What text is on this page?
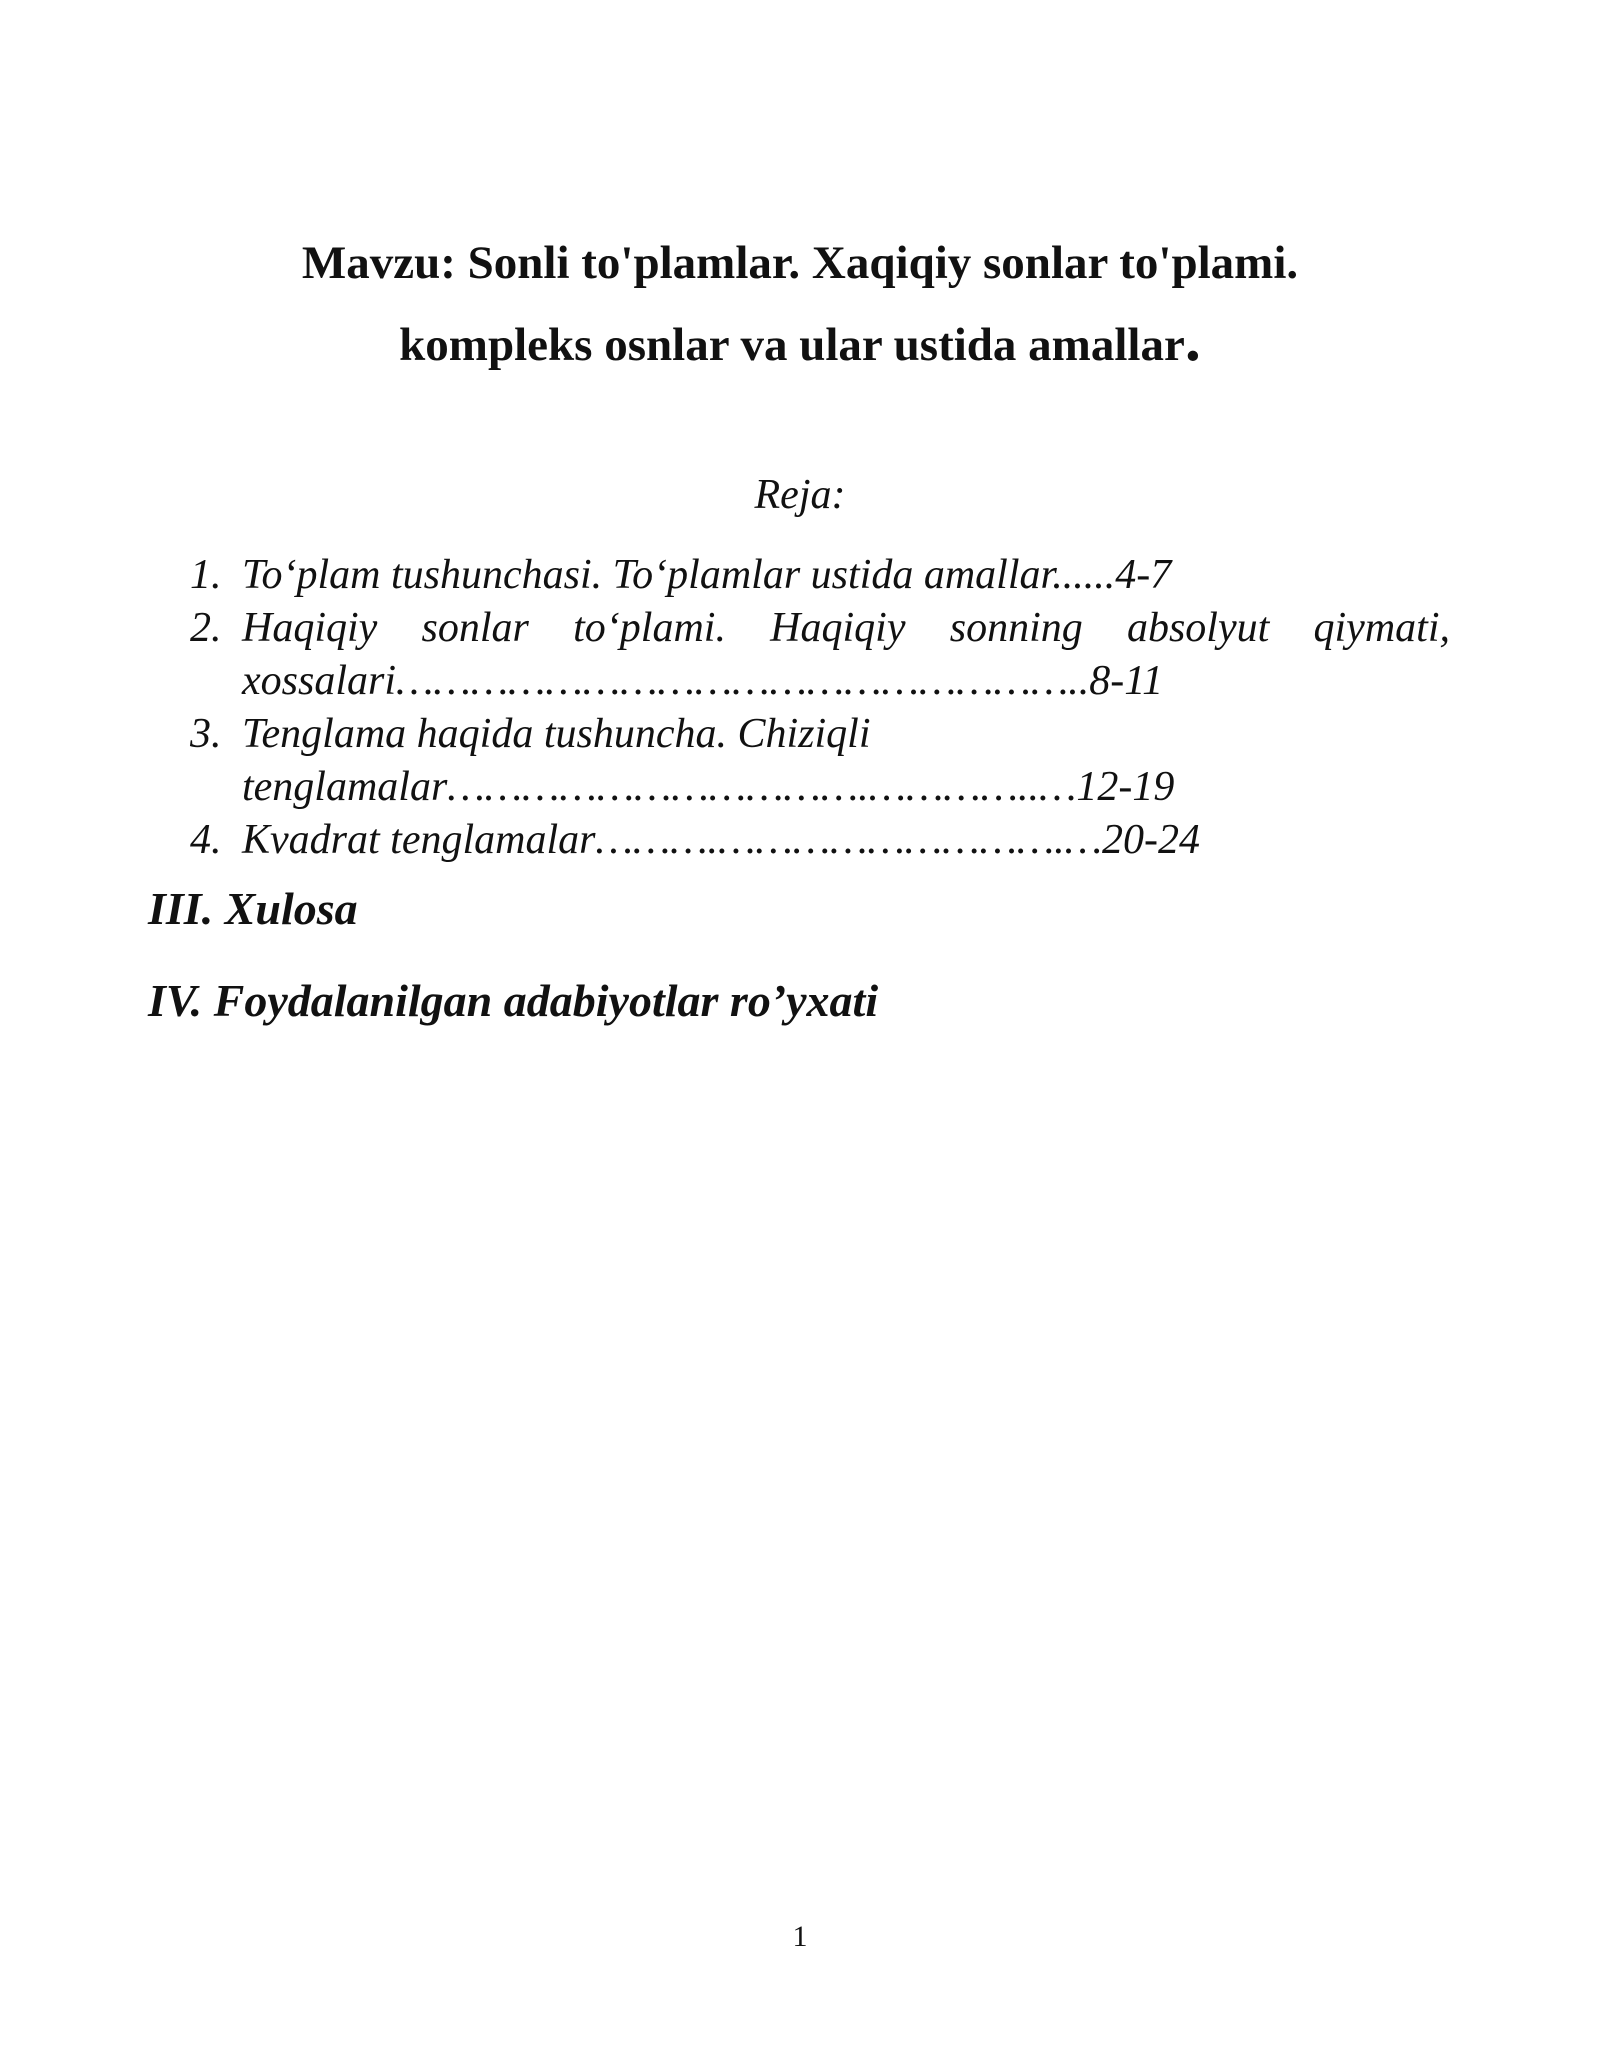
Mavzu: Sonli to'plamlar. Xaqiqiy sonlar to'plami.
kompleks osnlar va ular ustida amallar.
Reja:
1. To‘plam tushunchasi. To‘plamlar ustida amallar......4-7
2. Haqiqiy sonlar to‘plami. Haqiqiy sonning absolyut qiymati,
xossalari………………………………………………..8-11
3. Tenglama haqida tushuncha. Chiziqli
tenglamalar…………………………….…………..…12-19
4. Kvadrat tenglamalar……….……………………….…20-24
III. Xulosa
IV. Foydalanilgan adabiyotlar ro’yxati
1
